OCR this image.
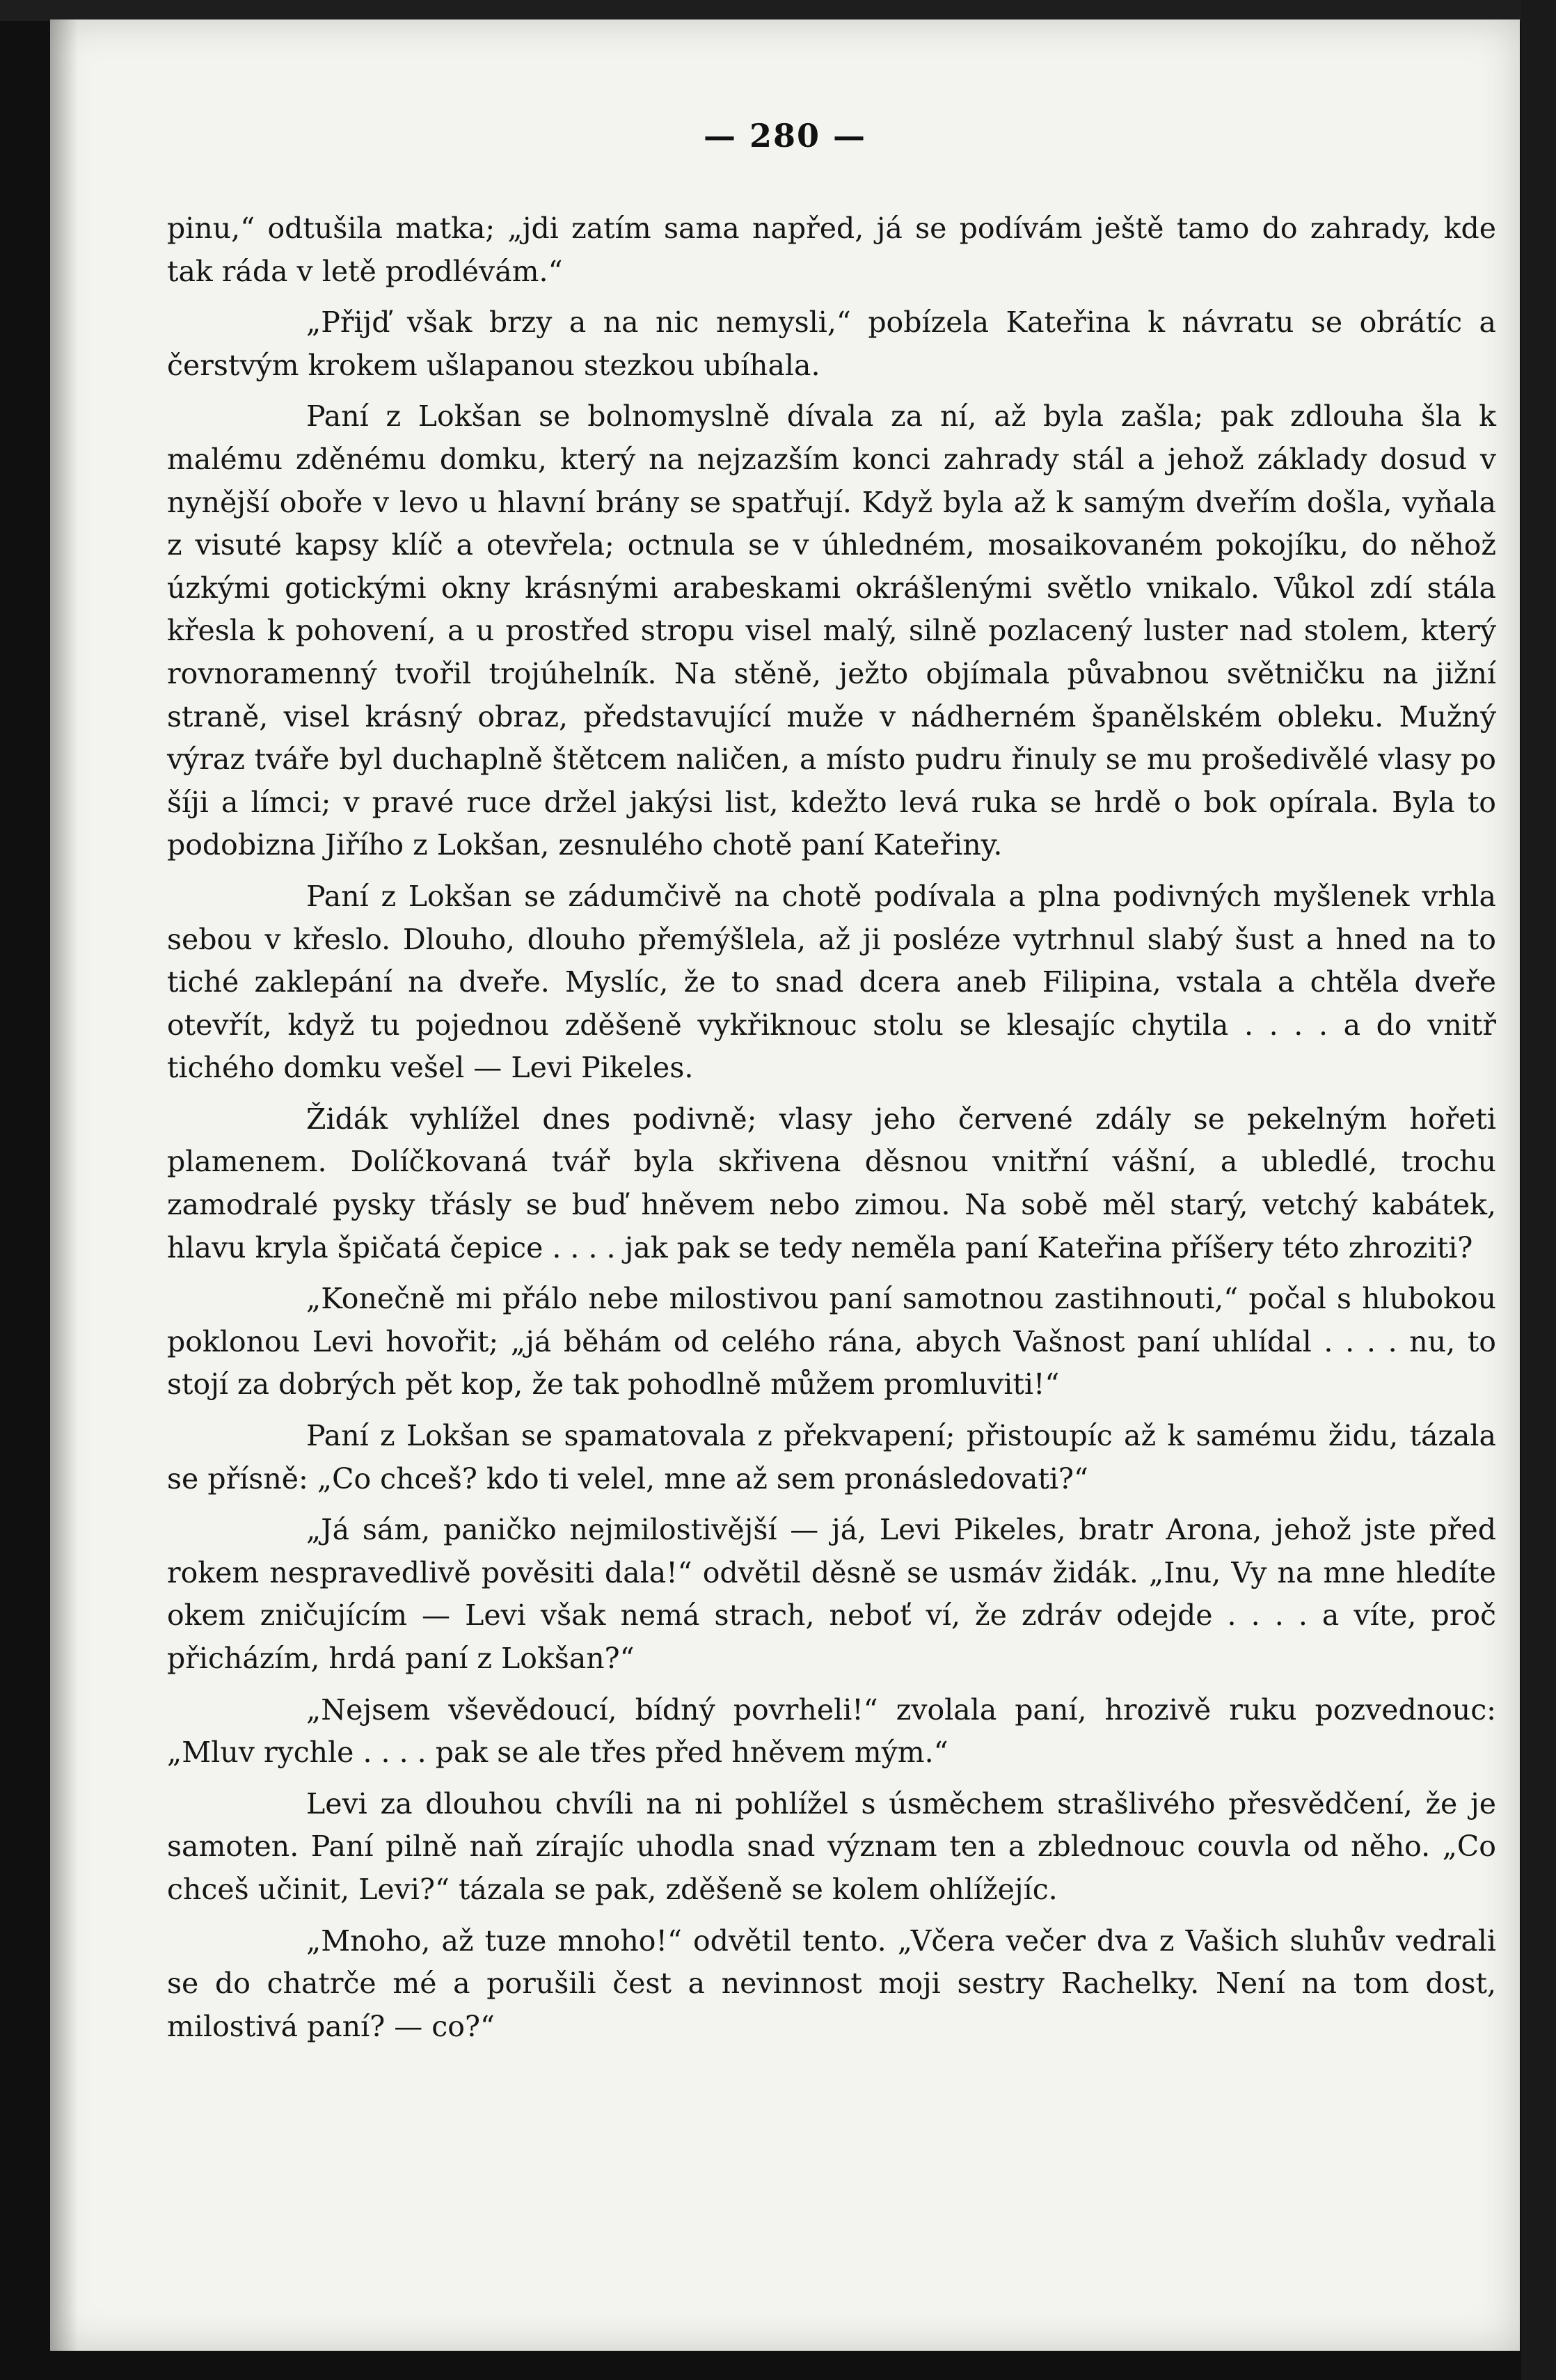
— 280 —

pinu,“ odtušila matka; „jdi zatím sama napřed, já se podívám ještě tamo do zahrady, kde tak ráda v letě prodlévám.“

„Přijď však brzy a na nic nemysli,“ pobízela Kateřina k návratu se obrátíc a čerstvým krokem ušlapanou stezkou ubíhala.

Paní z Lokšan se bolnomyslně dívala za ní, až byla zašla; pak zdlouha šla k malému zděnému domku, který na nejzazším konci zahrady stál a jehož základy dosud v nynější oboře v levo u hlavní brány se spatřují. Když byla až k samým dveřím došla, vyňala z visuté kapsy klíč a otevřela; octnula se v úhledném, mosaikovaném pokojíku, do něhož úzkými gotickými okny krásnými arabeskami okrášlenými světlo vnikalo. Vůkol zdí stála křesla k pohovení, a u prostřed stropu visel malý, silně pozlacený luster nad stolem, který rovnoramenný tvořil trojúhelník. Na stěně, ježto objímala půvabnou světničku na jižní straně, visel krásný obraz, představující muže v nádherném španělském obleku. Mužný výraz tváře byl duchaplně štětcem naličen, a místo pudru řinuly se mu prošedivělé vlasy po šíji a límci; v pravé ruce držel jakýsi list, kdežto levá ruka se hrdě o bok opírala. Byla to podobizna Jiřího z Lokšan, zesnulého chotě paní Kateřiny.

Paní z Lokšan se zádumčivě na chotě podívala a plna podivných myšlenek vrhla sebou v křeslo. Dlouho, dlouho přemýšlela, až ji posléze vytrhnul slabý šust a hned na to tiché zaklepání na dveře. Myslíc, že to snad dcera aneb Filipina, vstala a chtěla dveře otevřít, když tu pojednou zděšeně vykřiknouc stolu se klesajíc chytila . . . . a do vnitř tichého domku vešel — Levi Pikeles.

Židák vyhlížel dnes podivně; vlasy jeho červené zdály se pekelným hořeti plamenem. Dolíčkovaná tvář byla skřivena děsnou vnitřní vášní, a ubledlé, trochu zamodralé pysky třásly se buď hněvem nebo zimou. Na sobě měl starý, vetchý kabátek, hlavu kryla špičatá čepice . . . . jak pak se tedy neměla paní Kateřina příšery této zhroziti?

„Konečně mi přálo nebe milostivou paní samotnou zastihnouti,“ počal s hlubokou poklonou Levi hovořit; „já běhám od celého rána, abych Vašnost paní uhlídal . . . . nu, to stojí za dobrých pět kop, že tak pohodlně můžem promluviti!“

Paní z Lokšan se spamatovala z překvapení; přistoupíc až k samému židu, tázala se přísně: „Co chceš? kdo ti velel, mne až sem pronásledovati?“

„Já sám, paničko nejmilostivější — já, Levi Pikeles, bratr Arona, jehož jste před rokem nespravedlivě pověsiti dala!“ odvětil děsně se usmáv židák. „Inu, Vy na mne hledíte okem zničujícím — Levi však nemá strach, neboť ví, že zdráv odejde . . . . a víte, proč přicházím, hrdá paní z Lokšan?“

„Nejsem vševědoucí, bídný povrheli!“ zvolala paní, hrozivě ruku pozvednouc: „Mluv rychle . . . . pak se ale třes před hněvem mým.“

Levi za dlouhou chvíli na ni pohlížel s úsměchem strašlivého přesvědčení, že je samoten. Paní pilně naň zírajíc uhodla snad význam ten a zblednouc couvla od něho. „Co chceš učinit, Levi?“ tázala se pak, zděšeně se kolem ohlížejíc.

„Mnoho, až tuze mnoho!“ odvětil tento. „Včera večer dva z Vašich sluhův vedrali se do chatrče mé a porušili čest a nevinnost moji sestry Rachelky. Není na tom dost, milostivá paní? — co?“
